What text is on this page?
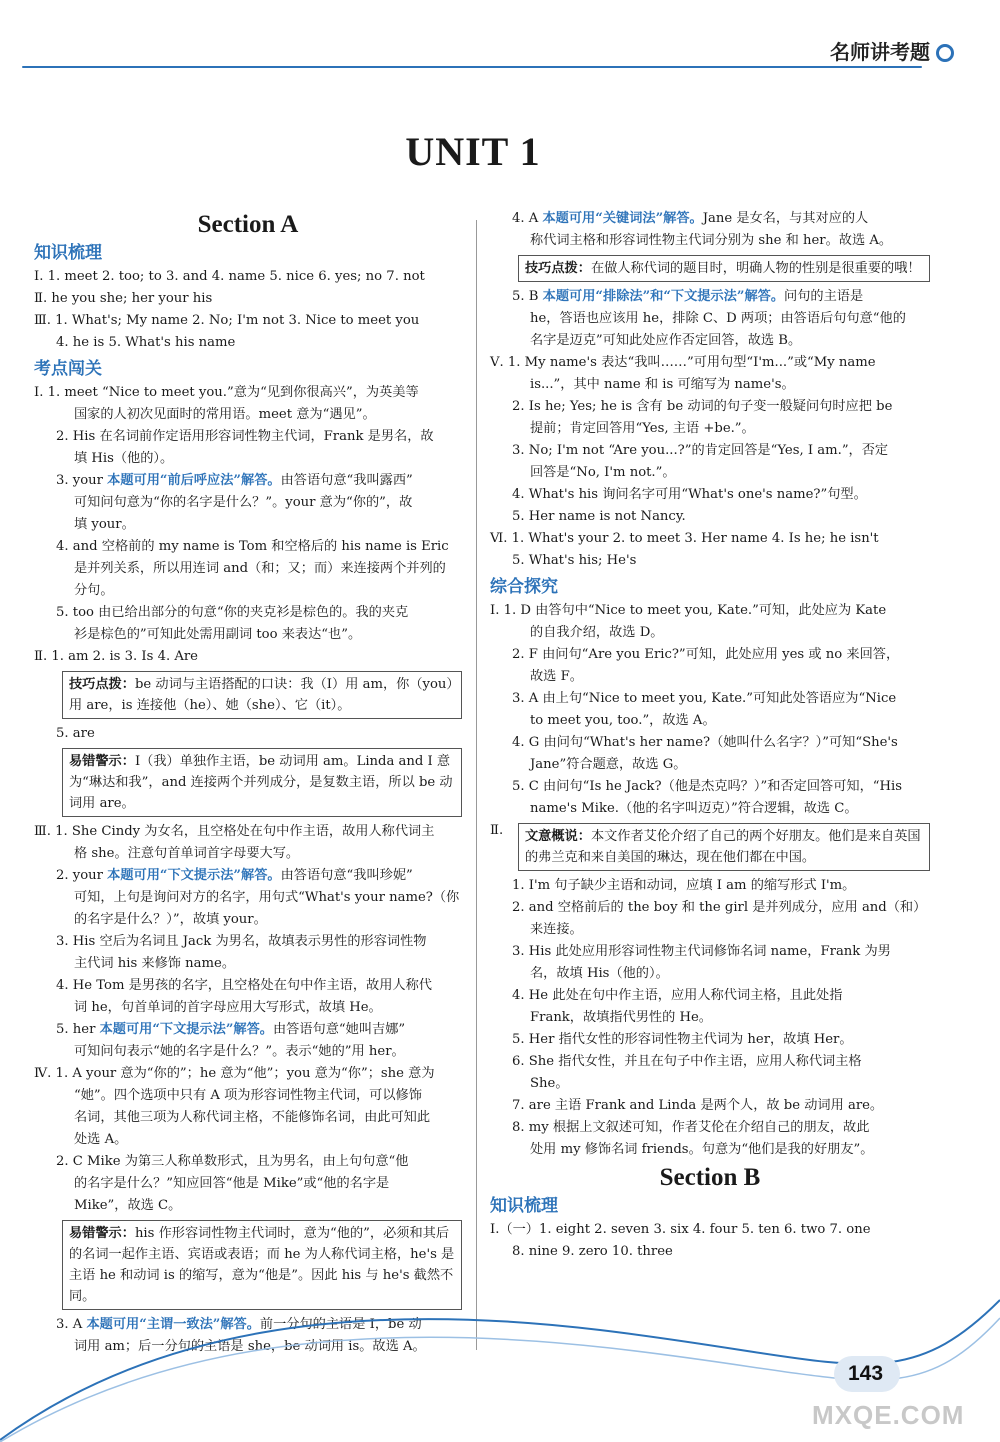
名师讲考题
UNIT 1
Section A
知识梳理
Ⅰ. 1. meet 2. too; to 3. and 4. name 5. nice 6. yes; no 7. not
Ⅱ. he you she; her your his
Ⅲ. 1. What's; My name 2. No; I'm not 3. Nice to meet you
4. he is 5. What's his name
考点闯关
Ⅰ. 1. meet “Nice to meet you.”意为“见到你很高兴”，为英美等
国家的人初次见面时的常用语。meet 意为“遇见”。
2. His 在名词前作定语用形容词性物主代词，Frank 是男名，故
填 His（他的）。
3. your 本题可用“前后呼应法”解答。由答语句意“我叫露西”
可知问句意为“你的名字是什么？”。your 意为“你的”，故
填 your。
4. and 空格前的 my name is Tom 和空格后的 his name is Eric
是并列关系，所以用连词 and（和；又；而）来连接两个并列的
分句。
5. too 由已给出部分的句意“你的夹克衫是棕色的。我的夹克
衫是棕色的”可知此处需用副词 too 来表达“也”。
Ⅱ. 1. am 2. is 3. Is 4. Are
技巧点拨：be 动词与主语搭配的口诀：我（I）用 am，你（you）用 are，is 连接他（he）、她（she）、它（it）。
5. are
易错警示：I（我）单独作主语，be 动词用 am。Linda and I 意为“琳达和我”，and 连接两个并列成分，是复数主语，所以 be 动词用 are。
Ⅲ. 1. She Cindy 为女名，且空格处在句中作主语，故用人称代词主
格 she。注意句首单词首字母要大写。
2. your 本题可用“下文提示法”解答。由答语句意“我叫珍妮”
可知，上句是询问对方的名字，用句式“What's your name?（你
的名字是什么？）”，故填 your。
3. His 空后为名词且 Jack 为男名，故填表示男性的形容词性物
主代词 his 来修饰 name。
4. He Tom 是男孩的名字，且空格处在句中作主语，故用人称代
词 he，句首单词的首字母应用大写形式，故填 He。
5. her 本题可用“下文提示法”解答。由答语句意“她叫吉娜”
可知问句表示“她的名字是什么？”。表示“她的”用 her。
Ⅳ. 1. A your 意为“你的”；he 意为“他”；you 意为“你”；she 意为
“她”。四个选项中只有 A 项为形容词性物主代词，可以修饰
名词，其他三项为人称代词主格，不能修饰名词，由此可知此
处选 A。
2. C Mike 为第三人称单数形式，且为男名，由上句句意“他
的名字是什么？”知应回答“他是 Mike”或“他的名字是
Mike”，故选 C。
易错警示：his 作形容词性物主代词时，意为“他的”，必须和其后的名词一起作主语、宾语或表语；而 he 为人称代词主格，he's 是主语 he 和动词 is 的缩写，意为“他是”。因此 his 与 he's 截然不同。
3. A 本题可用“主谓一致法”解答。前一分句的主语是 I，be 动
词用 am；后一分句的主语是 she，be 动词用 is。故选 A。
4. A 本题可用“关键词法”解答。Jane 是女名，与其对应的人
称代词主格和形容词性物主代词分别为 she 和 her。故选 A。
技巧点拨：在做人称代词的题目时，明确人物的性别是很重要的哦！
5. B 本题可用“排除法”和“下文提示法”解答。问句的主语是
he，答语也应该用 he，排除 C、D 两项；由答语后句句意“他的
名字是迈克”可知此处应作否定回答，故选 B。
Ⅴ. 1. My name's 表达“我叫……”可用句型“I'm...”或“My name
is...”，其中 name 和 is 可缩写为 name's。
2. Is he; Yes; he is 含有 be 动词的句子变一般疑问句时应把 be
提前；肯定回答用“Yes, 主语 +be.”。
3. No; I'm not “Are you...?”的肯定回答是“Yes, I am.”，否定
回答是“No, I'm not.”。
4. What's his 询问名字可用“What's one's name?”句型。
5. Her name is not Nancy.
Ⅵ. 1. What's your 2. to meet 3. Her name 4. Is he; he isn't
5. What's his; He's
综合探究
Ⅰ. 1. D 由答句中“Nice to meet you, Kate.”可知，此处应为 Kate
的自我介绍，故选 D。
2. F 由问句“Are you Eric?”可知，此处应用 yes 或 no 来回答，
故选 F。
3. A 由上句“Nice to meet you, Kate.”可知此处答语应为“Nice
to meet you, too.”，故选 A。
4. G 由问句“What's her name?（她叫什么名字？）”可知“She's
Jane”符合题意，故选 G。
5. C 由问句“Is he Jack?（他是杰克吗？）”和否定回答可知，“His
name's Mike.（他的名字叫迈克）”符合逻辑，故选 C。
Ⅱ.	文意概说：本文作者艾伦介绍了自己的两个好朋友。他们是来自英国的弗兰克和来自美国的琳达，现在他们都在中国。
1. I'm 句子缺少主语和动词，应填 I am 的缩写形式 I'm。
2. and 空格前后的 the boy 和 the girl 是并列成分，应用 and（和）
来连接。
3. His 此处应用形容词性物主代词修饰名词 name，Frank 为男
名，故填 His（他的）。
4. He 此处在句中作主语，应用人称代词主格，且此处指
Frank，故填指代男性的 He。
5. Her 指代女性的形容词性物主代词为 her，故填 Her。
6. She 指代女性，并且在句子中作主语，应用人称代词主格
She。
7. are 主语 Frank and Linda 是两个人，故 be 动词用 are。
8. my 根据上文叙述可知，作者艾伦在介绍自己的朋友，故此
处用 my 修饰名词 friends。句意为“他们是我的好朋友”。
Section B
知识梳理
Ⅰ.（一）1. eight 2. seven 3. six 4. four 5. ten 6. two 7. one
8. nine 9. zero 10. three
143
MXQE.COM
